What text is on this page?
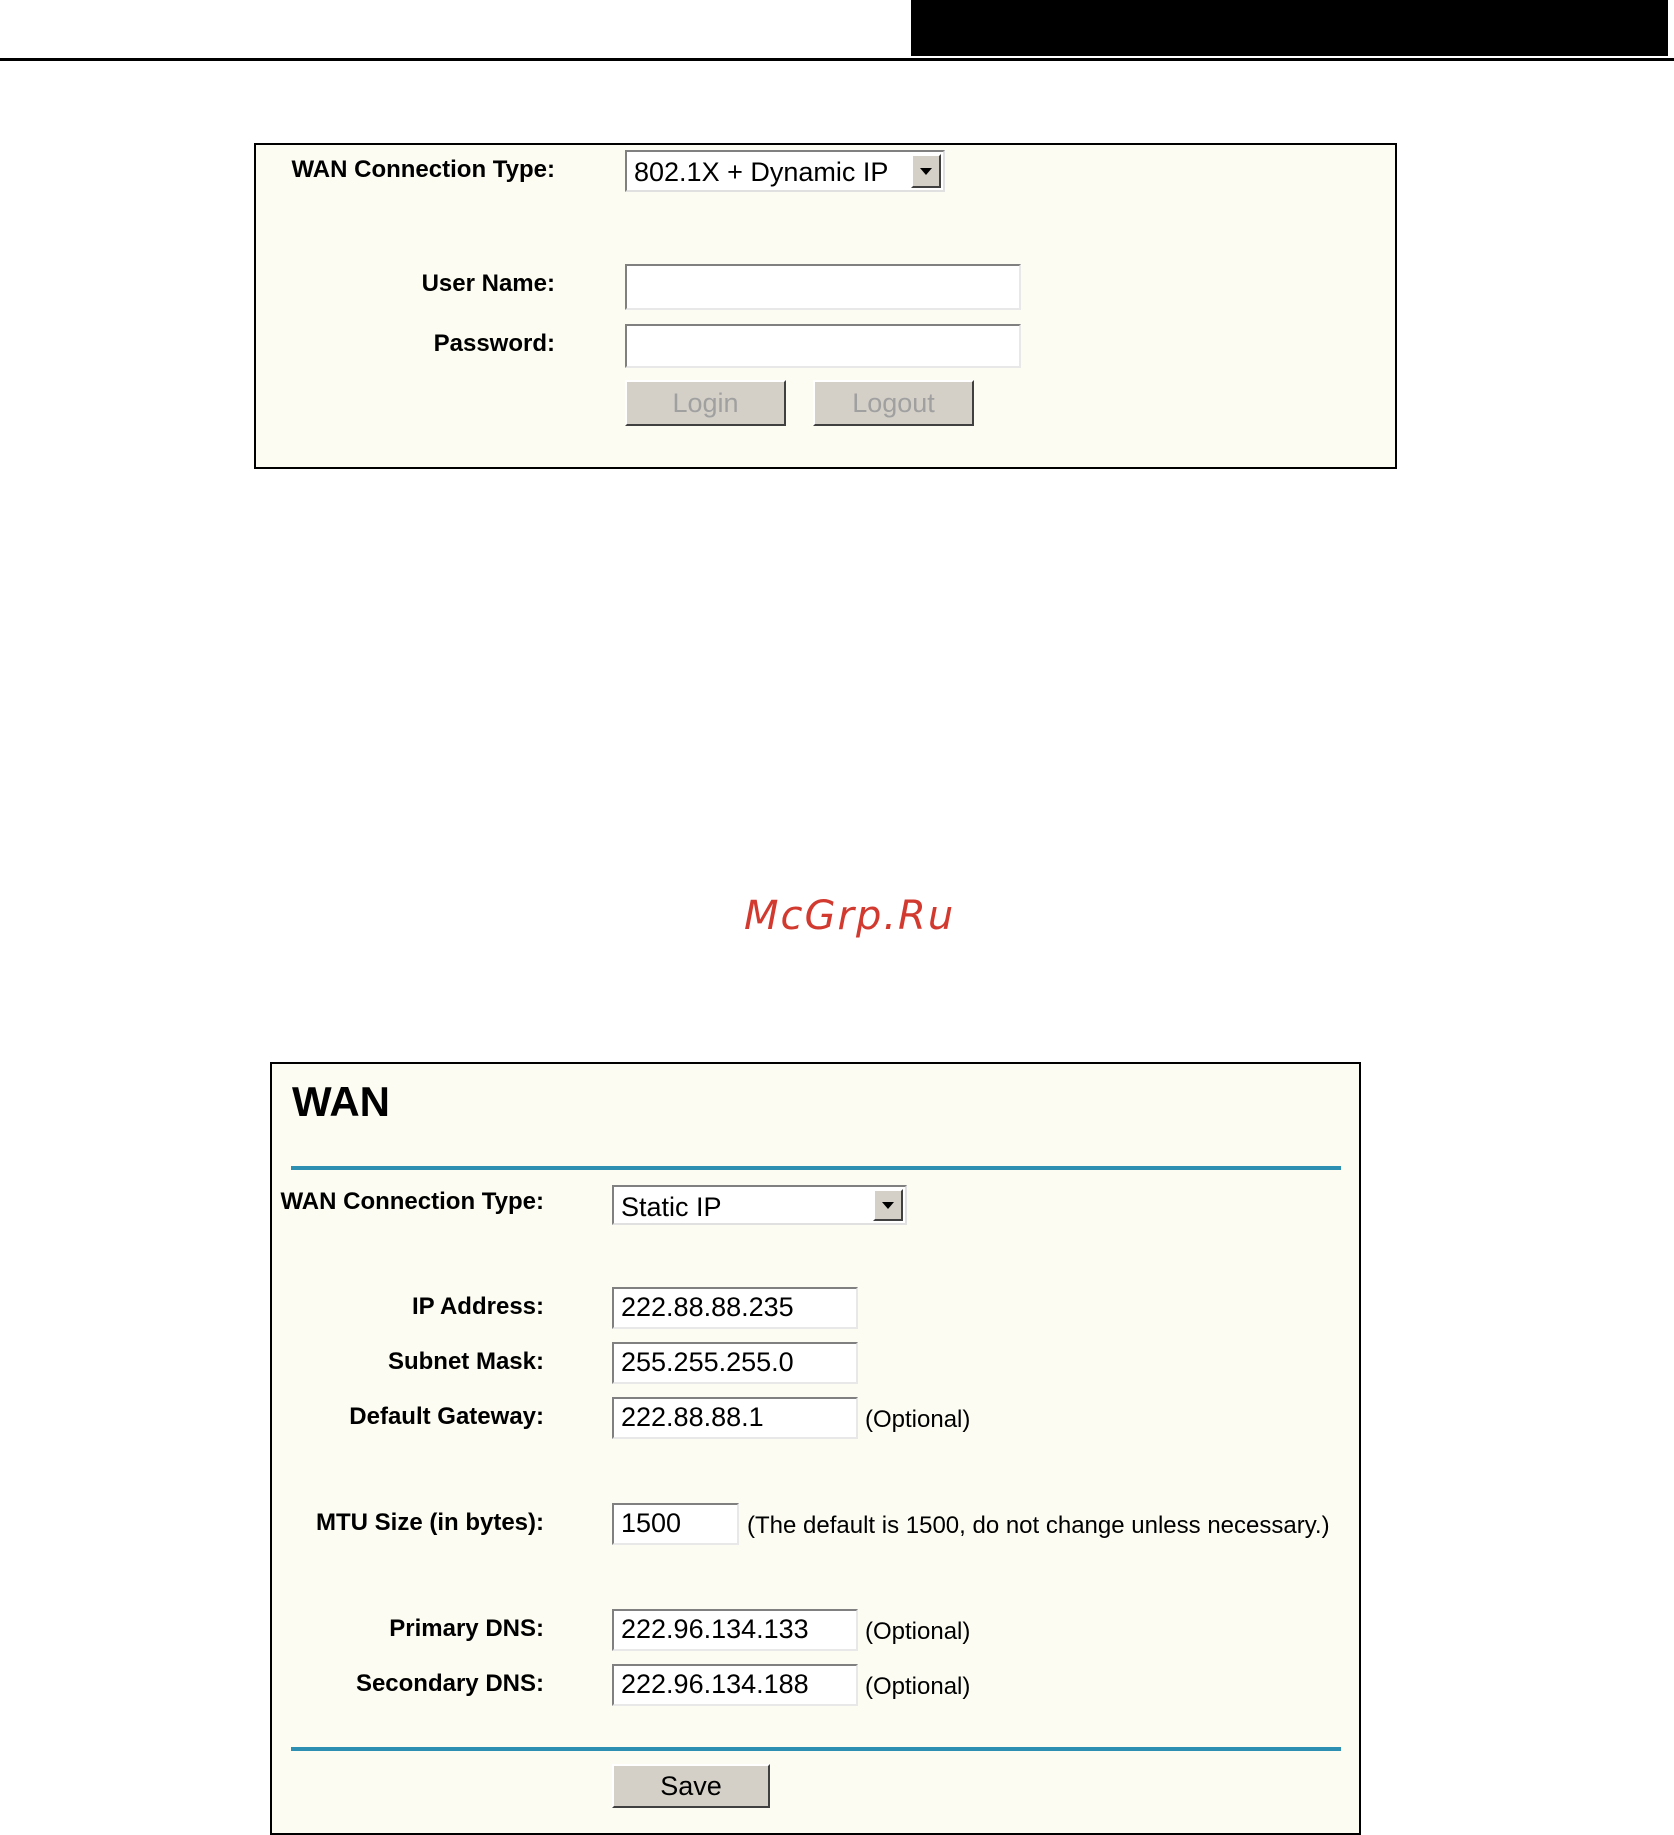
WAN Connection Type:	802.1X + Dynamic IP
User Name:
Password:
Login	Logout
McGrp.Ru
WAN
WAN Connection Type:	Static IP
IP Address:	222.88.88.235
Subnet Mask:	255.255.255.0
Default Gateway:	222.88.88.1	(Optional)
MTU Size (in bytes):	1500	(The default is 1500, do not change unless necessary.)
Primary DNS:	222.96.134.133	(Optional)
Secondary DNS:	222.96.134.188	(Optional)
Save
